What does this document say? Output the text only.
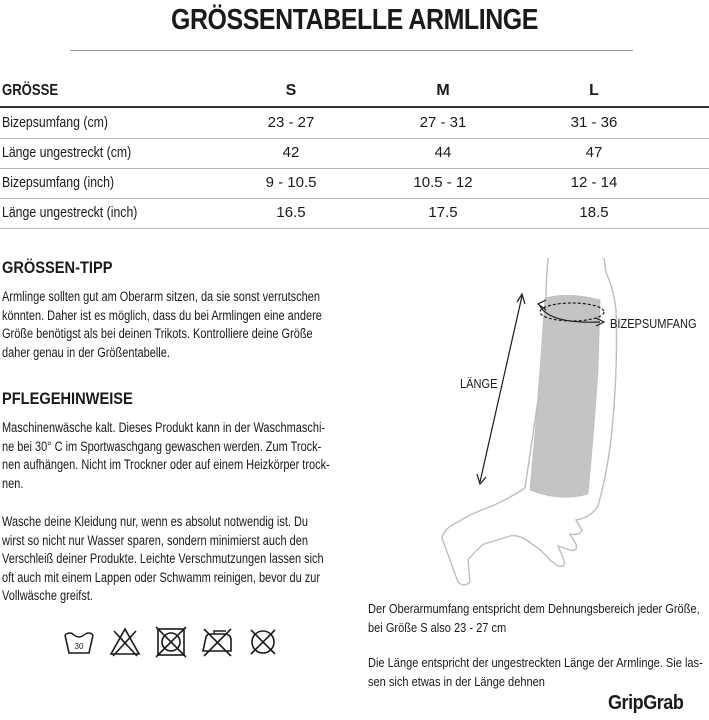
GRÖSSENTABELLE ARMLINGE
GRÖSSE	S	M	L
Bizepsumfang (cm)	23 - 27	27 - 31	31 - 36
Länge ungestreckt (cm)	42	44	47
Bizepsumfang (inch)	9 - 10.5	10.5 - 12	12 - 14
Länge ungestreckt (inch)	16.5	17.5	18.5
GRÖSSEN-TIPP
Armlinge sollten gut am Oberarm sitzen, da sie sonst verrutschen
könnten. Daher ist es möglich, dass du bei Armlingen eine andere
Größe benötigst als bei deinen Trikots. Kontrolliere deine Größe
daher genau in der Größentabelle.
PFLEGEHINWEISE
Maschinenwäsche kalt. Dieses Produkt kann in der Waschmaschi-
ne bei 30° C im Sportwaschgang gewaschen werden. Zum Trock-
nen aufhängen. Nicht im Trockner oder auf einem Heizkörper trock-
nen.
Wasche deine Kleidung nur, wenn es absolut notwendig ist. Du
wirst so nicht nur Wasser sparen, sondern minimierst auch den
Verschleiß deiner Produkte. Leichte Verschmutzungen lassen sich
oft auch mit einem Lappen oder Schwamm reinigen, bevor du zur
Vollwäsche greifst.
30
BIZEPSUMFANG
LÄNGE
Der Oberarmumfang entspricht dem Dehnungsbereich jeder Größe,
bei Größe S also 23 - 27 cm
Die Länge entspricht der ungestreckten Länge der Armlinge. Sie las-
sen sich etwas in der Länge dehnen
GripGrab
